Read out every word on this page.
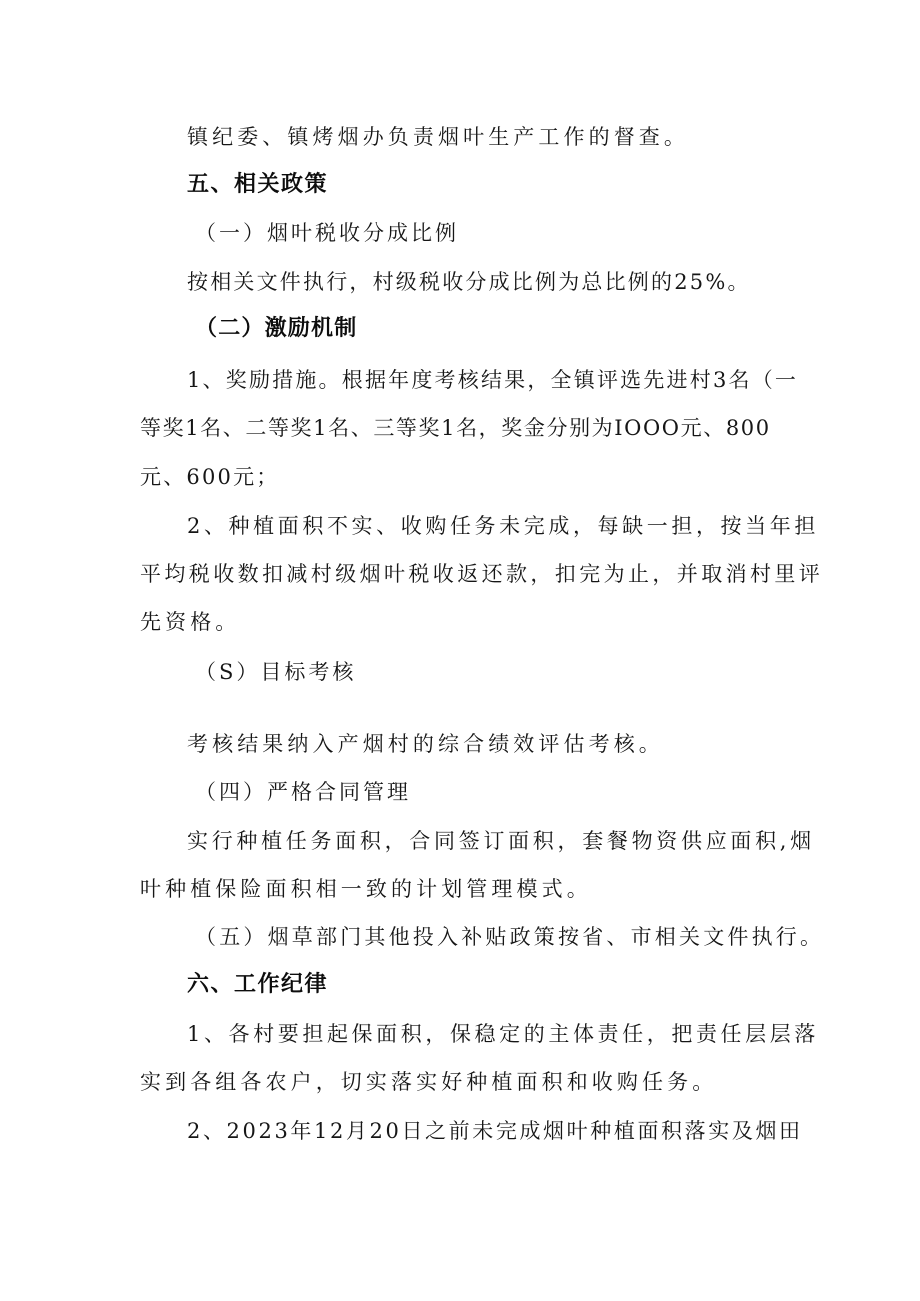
镇纪委、镇烤烟办负责烟叶生产工作的督查。
五、相关政策
（一）烟叶税收分成比例
按相关文件执行，村级税收分成比例为总比例的25%。
（二）激励机制
1、奖励措施。根据年度考核结果，全镇评选先进村3名（一
等奖1名、二等奖1名、三等奖1名，奖金分别为IOOO元、800
元、600元；
2、种植面积不实、收购任务未完成，每缺一担，按当年担
平均税收数扣减村级烟叶税收返还款，扣完为止，并取消村里评
先资格。
（S）目标考核
考核结果纳入产烟村的综合绩效评估考核。
（四）严格合同管理
实行种植任务面积，合同签订面积，套餐物资供应面积,烟
叶种植保险面积相一致的计划管理模式。
（五）烟草部门其他投入补贴政策按省、市相关文件执行。
六、工作纪律
1、各村要担起保面积，保稳定的主体责任，把责任层层落
实到各组各农户，切实落实好种植面积和收购任务。
2、2023年12月20日之前未完成烟叶种植面积落实及烟田
